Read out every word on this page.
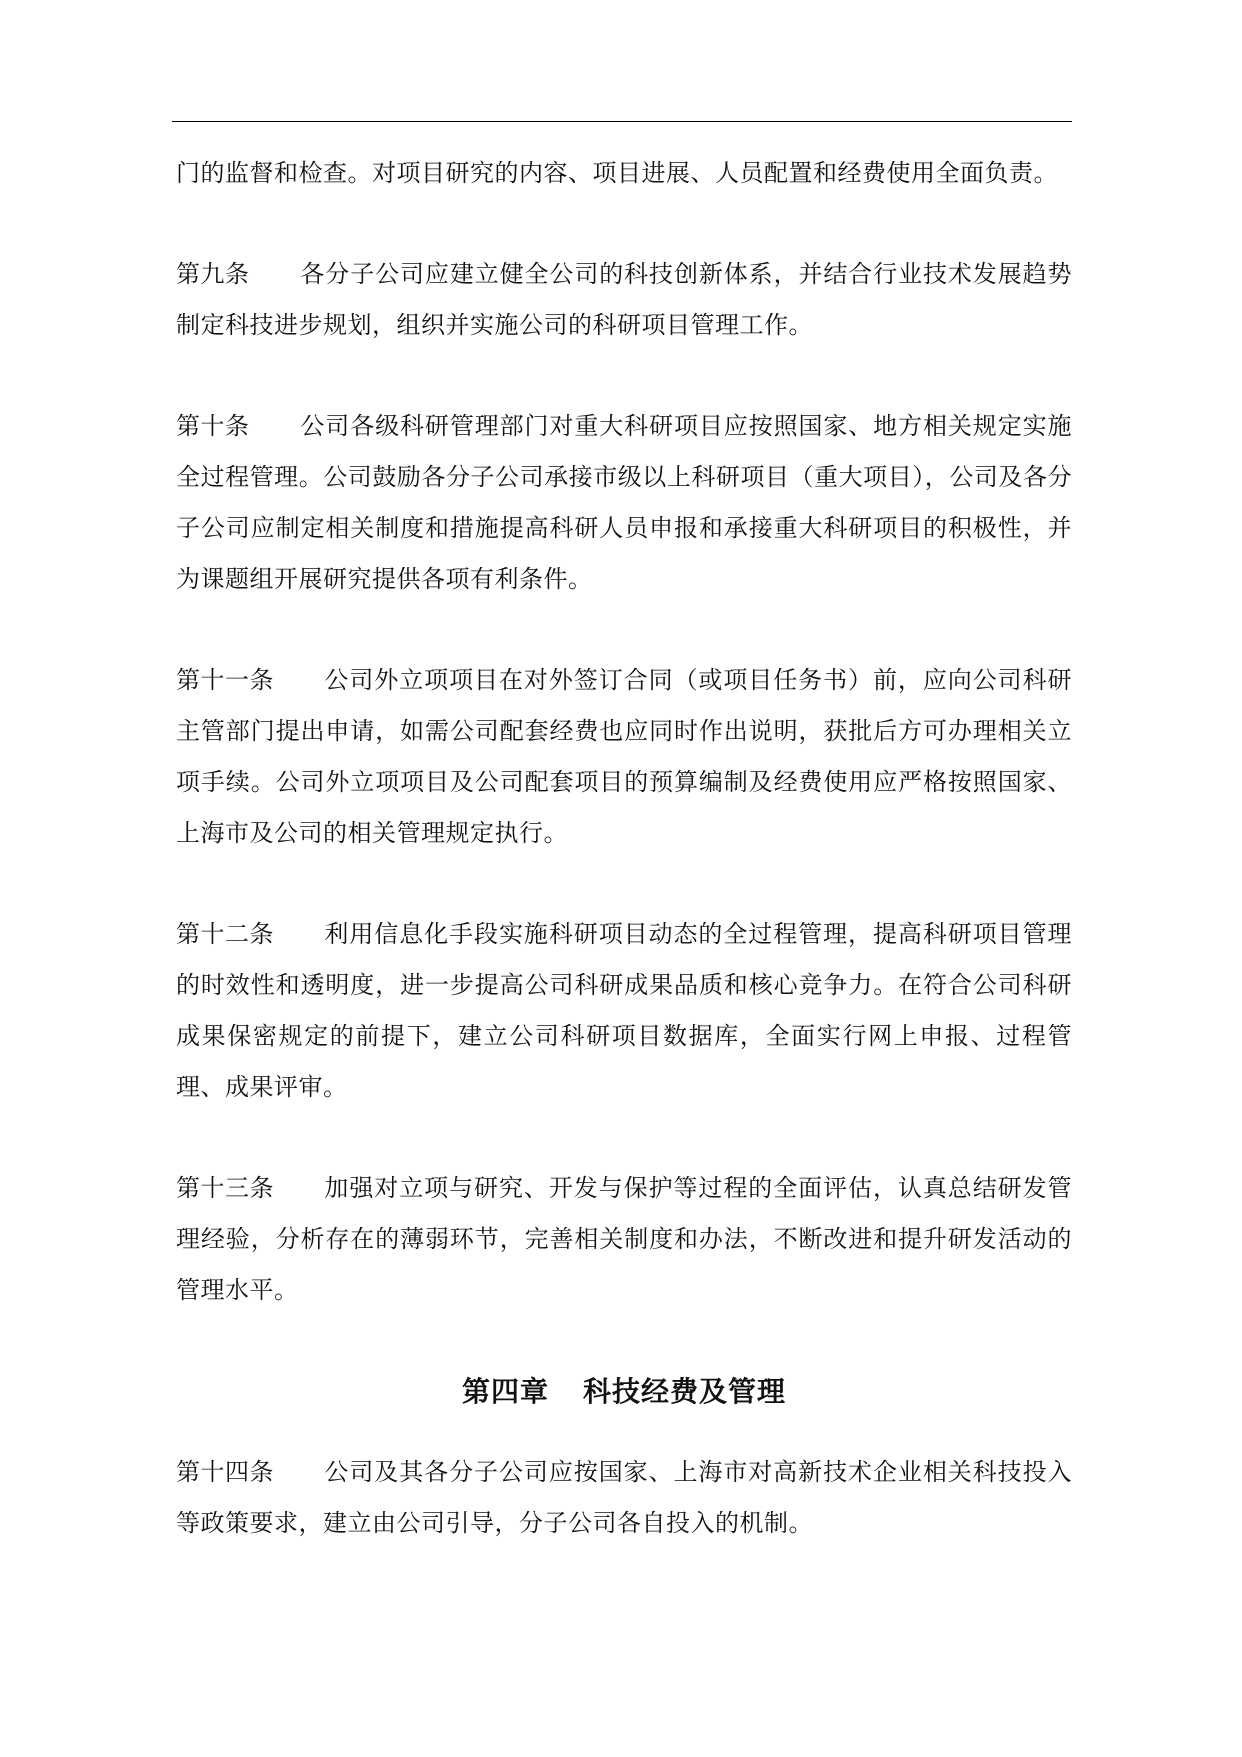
门的监督和检查。对项目研究的内容、项目进展、人员配置和经费使用全面负责。

第九条 各分子公司应建立健全公司的科技创新体系，并结合行业技术发展趋势制定科技进步规划，组织并实施公司的科研项目管理工作。

第十条 公司各级科研管理部门对重大科研项目应按照国家、地方相关规定实施全过程管理。公司鼓励各分子公司承接市级以上科研项目（重大项目），公司及各分子公司应制定相关制度和措施提高科研人员申报和承接重大科研项目的积极性，并为课题组开展研究提供各项有利条件。

第十一条 公司外立项项目在对外签订合同（或项目任务书）前，应向公司科研主管部门提出申请，如需公司配套经费也应同时作出说明，获批后方可办理相关立项手续。公司外立项项目及公司配套项目的预算编制及经费使用应严格按照国家、上海市及公司的相关管理规定执行。

第十二条 利用信息化手段实施科研项目动态的全过程管理，提高科研项目管理的时效性和透明度，进一步提高公司科研成果品质和核心竞争力。在符合公司科研成果保密规定的前提下，建立公司科研项目数据库，全面实行网上申报、过程管理、成果评审。

第十三条 加强对立项与研究、开发与保护等过程的全面评估，认真总结研发管理经验，分析存在的薄弱环节，完善相关制度和办法，不断改进和提升研发活动的管理水平。

第四章 科技经费及管理

第十四条 公司及其各分子公司应按国家、上海市对高新技术企业相关科技投入等政策要求，建立由公司引导，分子公司各自投入的机制。
